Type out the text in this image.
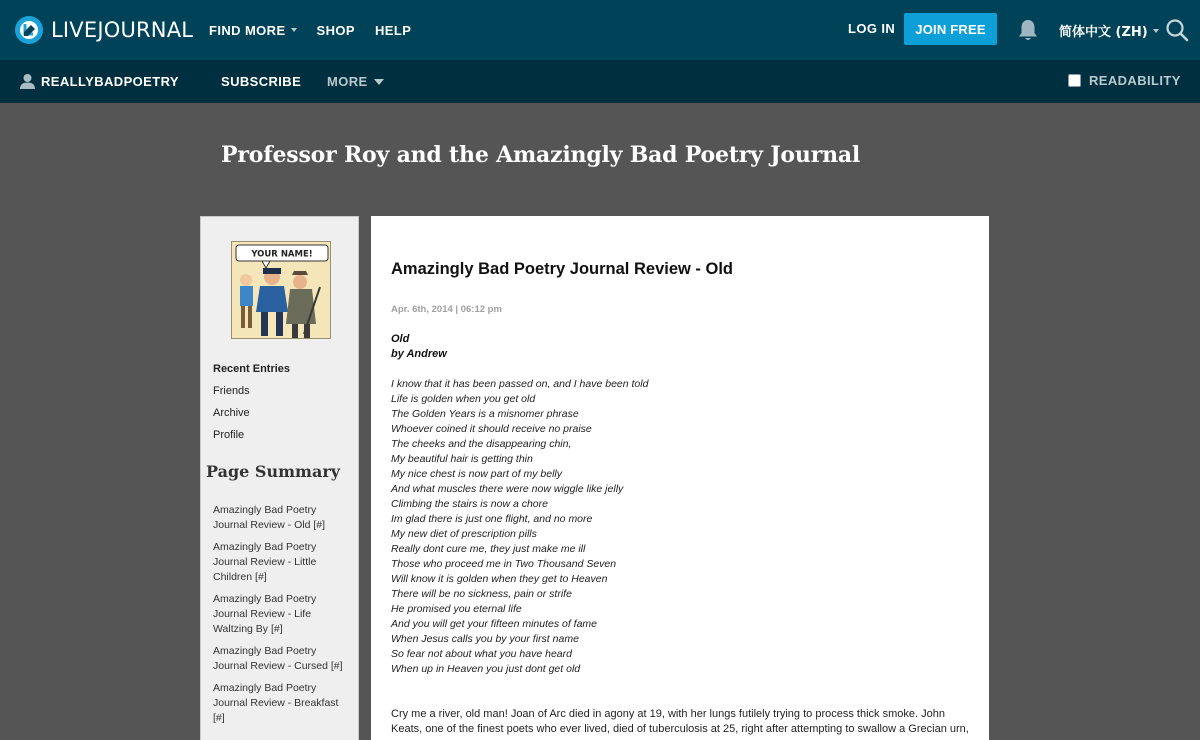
LIVEJOURNAL FIND MORE SHOP HELP	LOG IN	JOIN FREE	简体中文 (ZH)
REALLYBADPOETRY	SUBSCRIBE MORE	READABILITY
Professor Roy and the Amazingly Bad Poetry Journal
YOUR NAME!
Recent Entries
Friends
Archive
Profile
Page Summary
Amazingly Bad Poetry Journal Review - Old [#]
Amazingly Bad Poetry Journal Review - Little Children [#]
Amazingly Bad Poetry Journal Review - Life Waltzing By [#]
Amazingly Bad Poetry Journal Review - Cursed [#]
Amazingly Bad Poetry Journal Review - Breakfast [#]
Amazingly Bad Poetry Journal Review - Old
Apr. 6th, 2014 | 06:12 pm
Old
by Andrew
I know that it has been passed on, and I have been told
Life is golden when you get old
The Golden Years is a misnomer phrase
Whoever coined it should receive no praise
The cheeks and the disappearing chin,
My beautiful hair is getting thin
My nice chest is now part of my belly
And what muscles there were now wiggle like jelly
Climbing the stairs is now a chore
Im glad there is just one flight, and no more
My new diet of prescription pills
Really dont cure me, they just make me ill
Those who proceed me in Two Thousand Seven
Will know it is golden when they get to Heaven
There will be no sickness, pain or strife
He promised you eternal life
And you will get your fifteen minutes of fame
When Jesus calls you by your first name
So fear not about what you have heard
When up in Heaven you just dont get old
Cry me a river, old man! Joan of Arc died in agony at 19, with her lungs futilely trying to process thick smoke. John Keats, one of the finest poets who ever lived, died of tuberculosis at 25, right after attempting to swallow a Grecian urn,
